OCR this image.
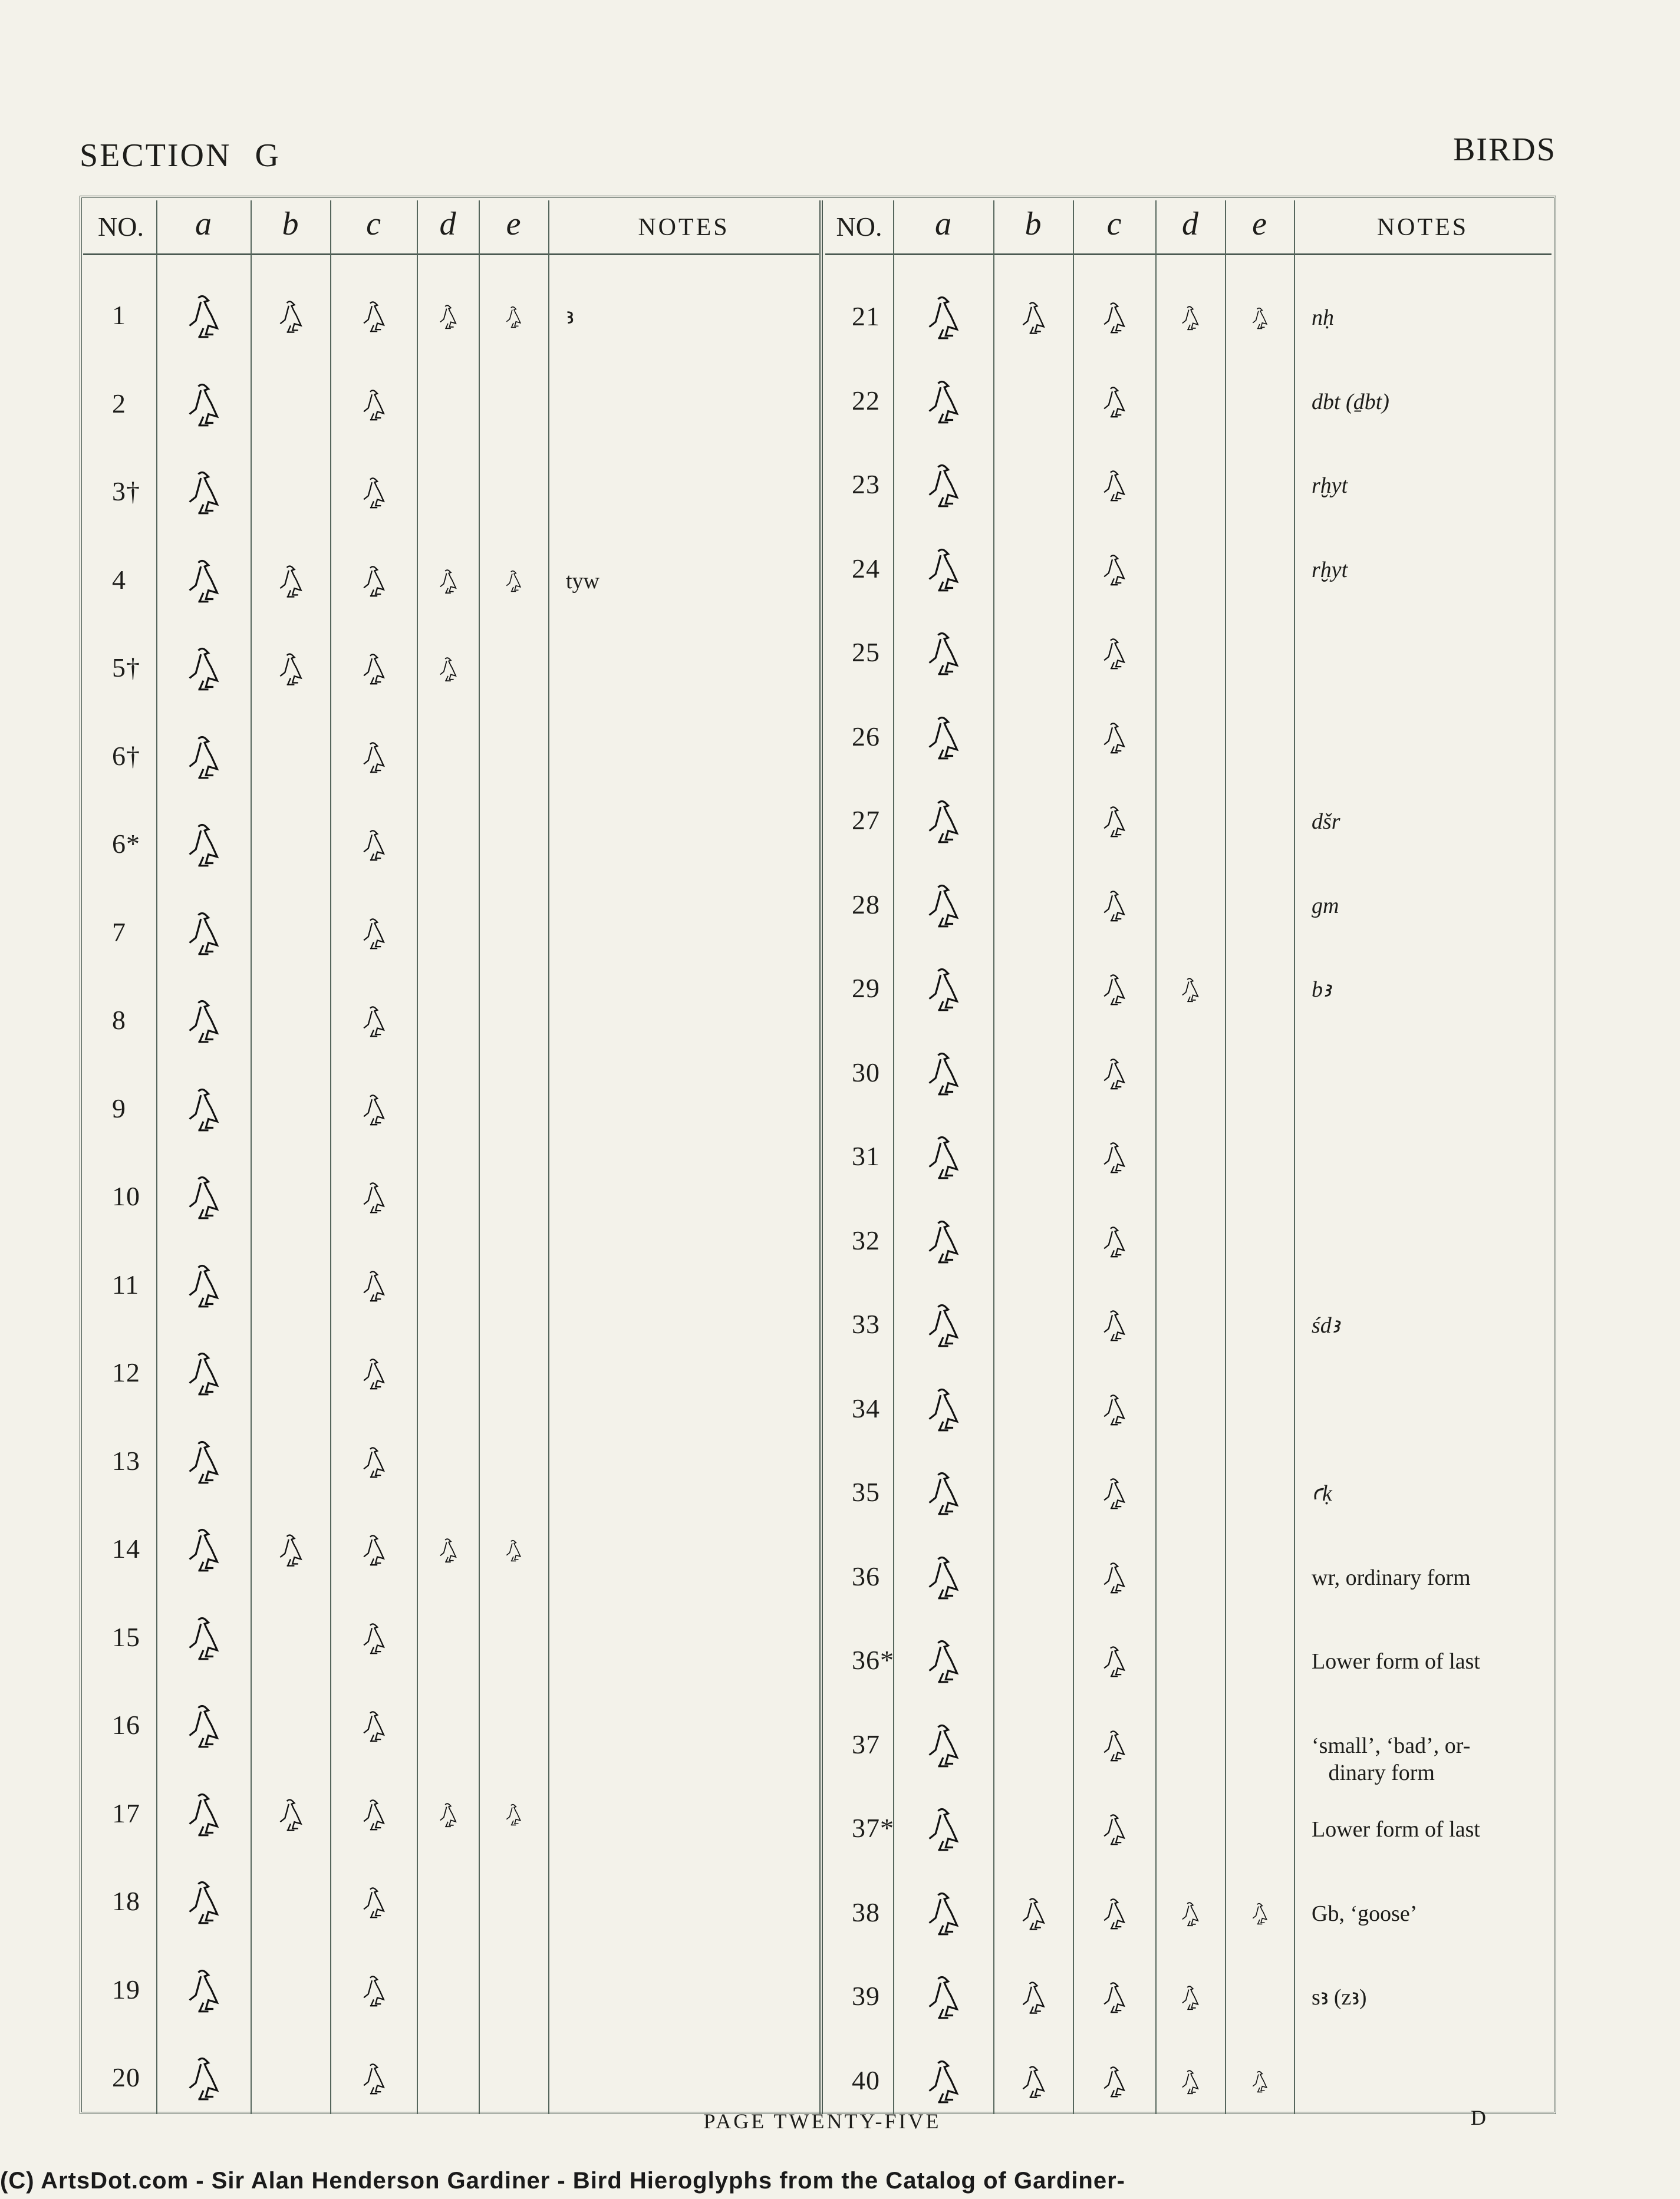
SECTION G	BIRDS
NO.	a	b	c	d	e	NOTES	NO.	a	b	c	d	e	NOTES
1	ꜣ
2
3†
4	tyw
5†
6†
6*
7
8
9
10
11
12
13
14
15
16
17
18
19
20
21	nḥ
22	dbt (ḏbt)
23	rḫyt
24	rḫyt
25
26
27	dšr
28	gm
29	bꜣ
30
31
32
33	śdꜣ
34
35	ꜥḳ
36	wr, ordinary form
36*	Lower form of last
37	‘small’, ‘bad’, or-
dinary form
37*	Lower form of last
38	Gb, ‘goose’
39	sꜣ (zꜣ)
40
PAGE TWENTY-FIVE	D
(C) ArtsDot.com - Sir Alan Henderson Gardiner - Bird Hieroglyphs from the Catalog of Gardiner-
